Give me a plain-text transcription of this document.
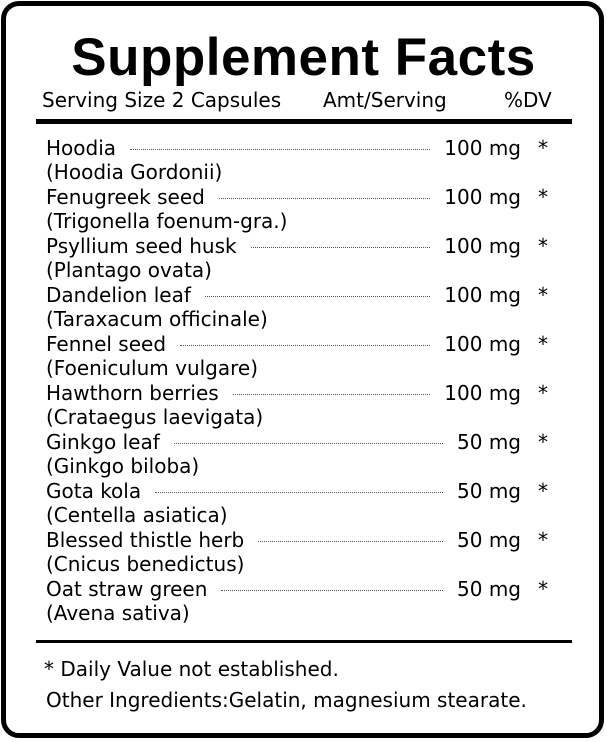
Supplement Facts
Serving Size 2 Capsules Amt/Serving	%DV
Hoodia	100 mg *
(Hoodia Gordonii)
Fenugreek seed	100 mg *
(Trigonella foenum-gra.)
Psyllium seed husk	100 mg *
(Plantago ovata)
Dandelion leaf	100 mg *
(Taraxacum officinale)
Fennel seed	100 mg *
(Foeniculum vulgare)
Hawthorn berries	100 mg *
(Crataegus laevigata)
Ginkgo leaf	50 mg *
(Ginkgo biloba)
Gota kola	50 mg *
(Centella asiatica)
Blessed thistle herb	50 mg *
(Cnicus benedictus)
Oat straw green	50 mg *
(Avena sativa)
* Daily Value not established.
Other Ingredients:Gelatin, magnesium stearate.
